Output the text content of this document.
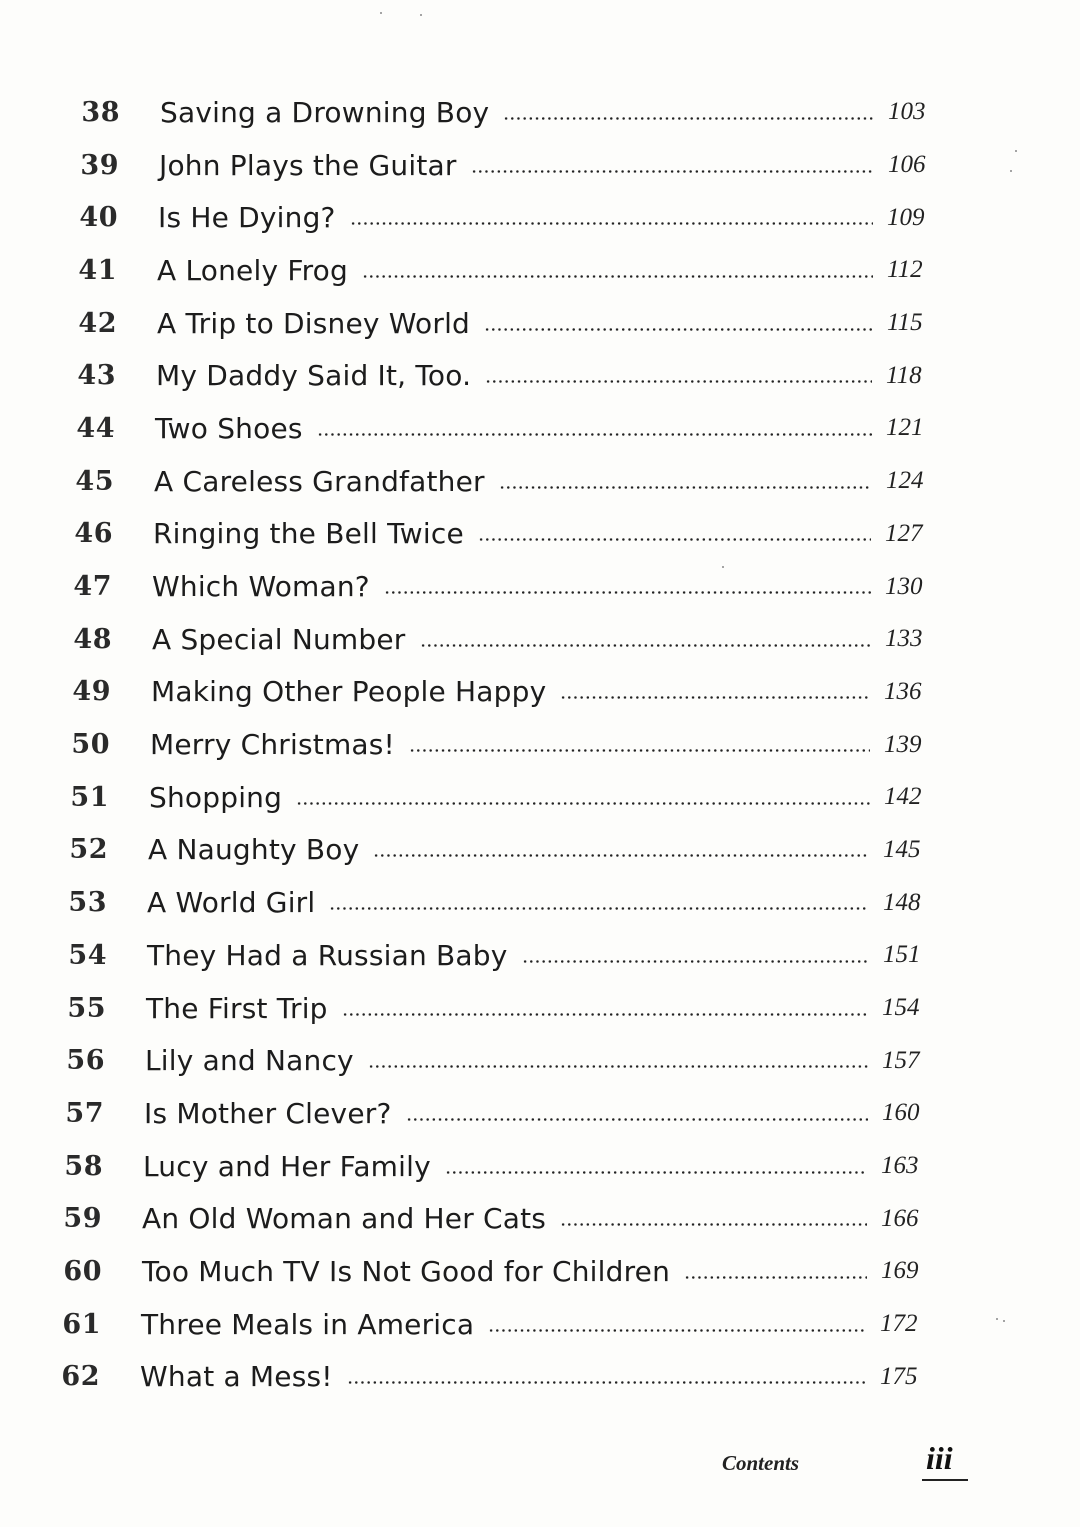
38 Saving a Drowning Boy	103
39 John Plays the Guitar	106
40 Is He Dying?	109
41 A Lonely Frog	112
42 A Trip to Disney World	115
43 My Daddy Said It, Too.	118
44 Two Shoes	121
45 A Careless Grandfather	124
46 Ringing the Bell Twice	127
47 Which Woman?	130
48 A Special Number	133
49 Making Other People Happy	136
50 Merry Christmas!	139
51 Shopping	142
52 A Naughty Boy	145
53 A World Girl	148
54 They Had a Russian Baby	151
55 The First Trip	154
56 Lily and Nancy	157
57 Is Mother Clever?	160
58 Lucy and Her Family	163
59 An Old Woman and Her Cats	166
60 Too Much TV Is Not Good for Children	169
61 Three Meals in America	172
62 What a Mess!	175
Contents	iii
